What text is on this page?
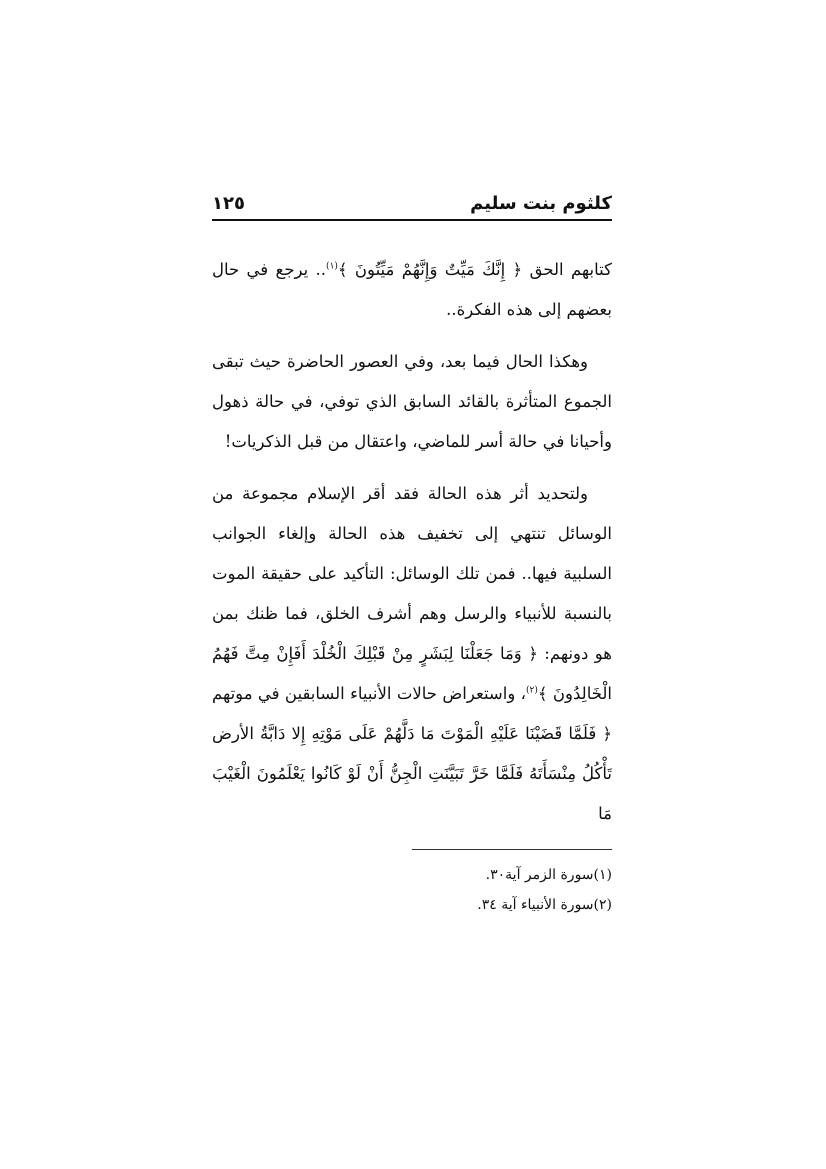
كلثوم بنت سليم
١٢٥

كتابهم الحق ﴿ إِنَّكَ مَيِّتٌ وَإِنَّهُمْ مَيِّتُونَ ﴾$^{(١)}$.. يرجع في حال بعضهم إلى هذه الفكرة..

وهكذا الحال فيما بعد، وفي العصور الحاضرة حيث تبقى الجموع المتأثرة بالقائد السابق الذي توفي، في حالة ذهول وأحيانا في حالة أسر للماضي، واعتقال من قبل الذكريات!

ولتحديد أثر هذه الحالة فقد أقر الإسلام مجموعة من الوسائل تنتهي إلى تخفيف هذه الحالة وإلغاء الجوانب السلبية فيها.. فمن تلك الوسائل: التأكيد على حقيقة الموت بالنسبة للأنبياء والرسل وهم أشرف الخلق، فما ظنك بمن هو دونهم: ﴿ وَمَا جَعَلْنَا لِبَشَرٍ مِنْ قَبْلِكَ الْخُلْدَ أَفَإِنْ مِتَّ فَهُمُ الْخَالِدُونَ ﴾$^{(٢)}$، واستعراض حالات الأنبياء السابقين في موتهم ﴿ فَلَمَّا قَضَيْنَا عَلَيْهِ الْمَوْتَ مَا دَلَّهُمْ عَلَى مَوْتِهِ إِلا دَابَّةُ الأرض تَأْكُلُ مِنْسَأَتَهُ فَلَمَّا خَرَّ تَبَيَّنَتِ الْجِنُّ أَنْ لَوْ كَانُوا يَعْلَمُونَ الْغَيْبَ مَا

(١)سورة الزمر آية٣٠.

(٢)سورة الأنبياء آية ٣٤.
